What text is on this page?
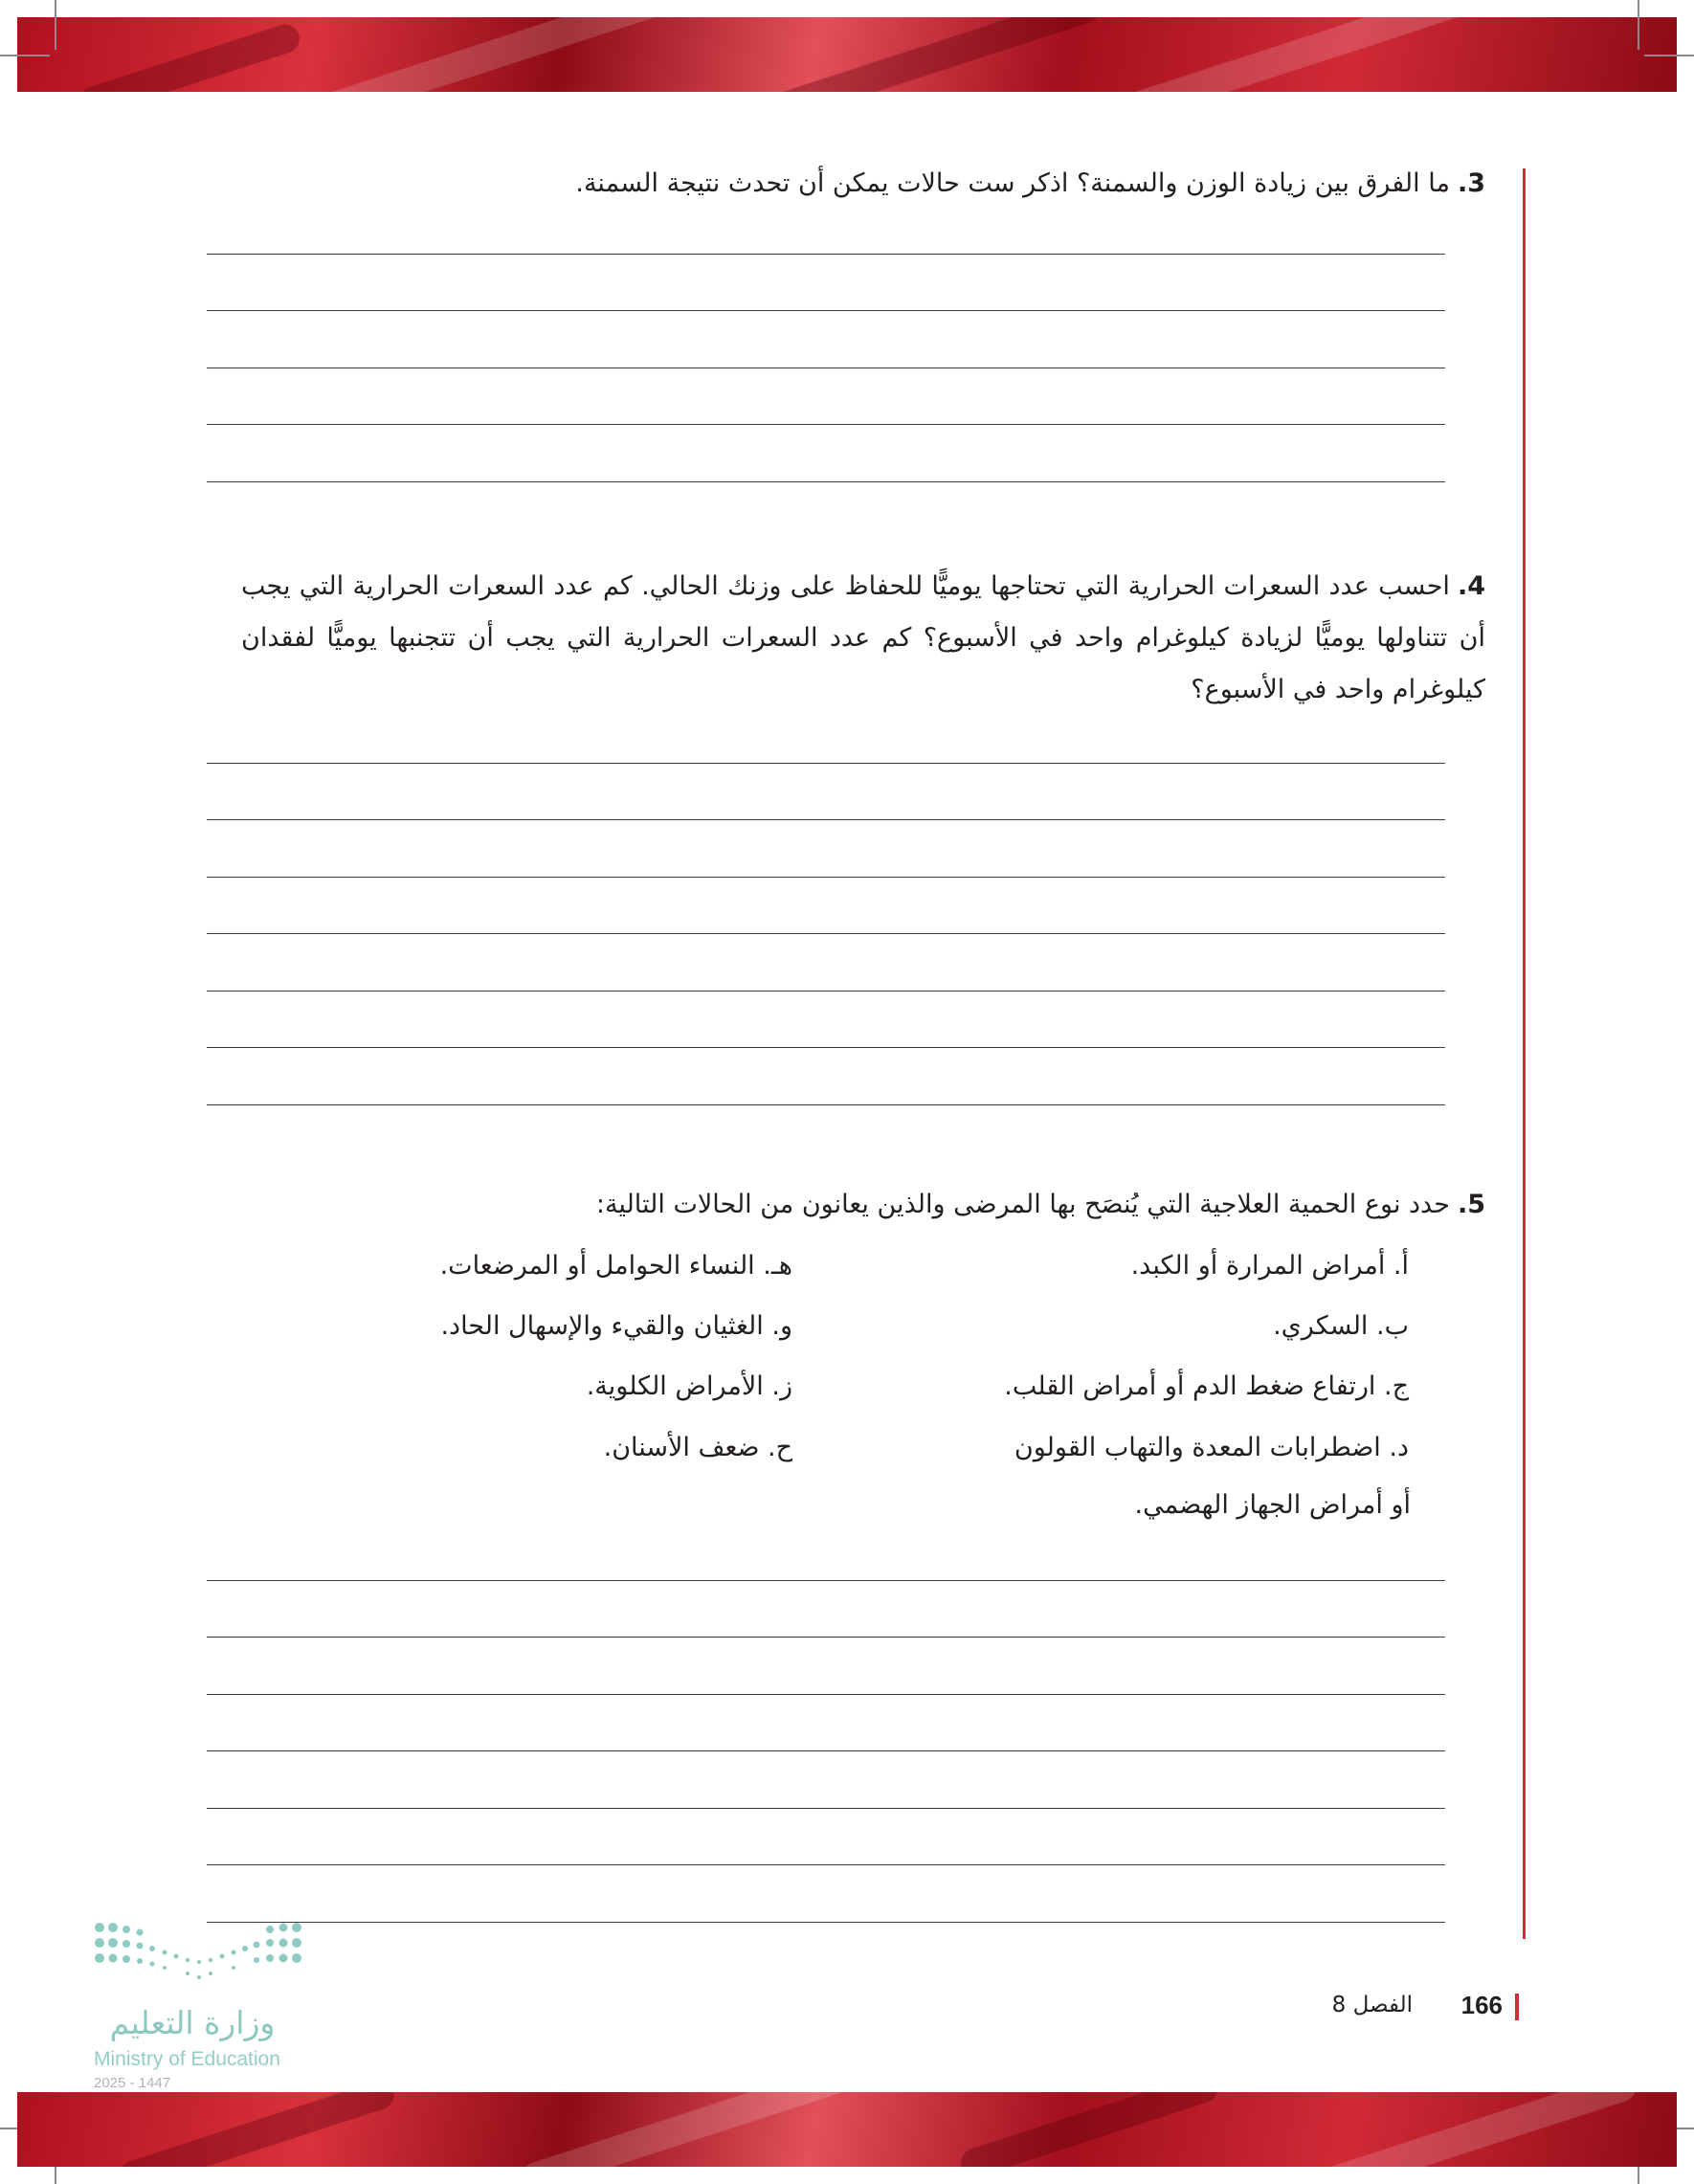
3.ما الفرق بين زيادة الوزن والسمنة؟ اذكر ست حالات يمكن أن تحدث نتيجة السمنة.
4.احسب عدد السعرات الحرارية التي تحتاجها يوميًّا للحفاظ على وزنك الحالي. كم عدد السعرات الحرارية التي يجب أن تتناولها يوميًّا لزيادة كيلوغرام واحد في الأسبوع؟ كم عدد السعرات الحرارية التي يجب أن تتجنبها يوميًّا لفقدان كيلوغرام واحد في الأسبوع؟
5.حدد نوع الحمية العلاجية التي يُنصَح بها المرضى والذين يعانون من الحالات التالية:
أ. أمراض المرارة أو الكبد.
ب. السكري.
ج. ارتفاع ضغط الدم أو أمراض القلب.
د. اضطرابات المعدة والتهاب القولون
أو أمراض الجهاز الهضمي.
هـ. النساء الحوامل أو المرضعات.
و. الغثيان والقيء والإسهال الحاد.
ز. الأمراض الكلوية.
ح. ضعف الأسنان.
وزارة التعليم
Ministry of Education
2025 - 1447
الفصل 8	166
